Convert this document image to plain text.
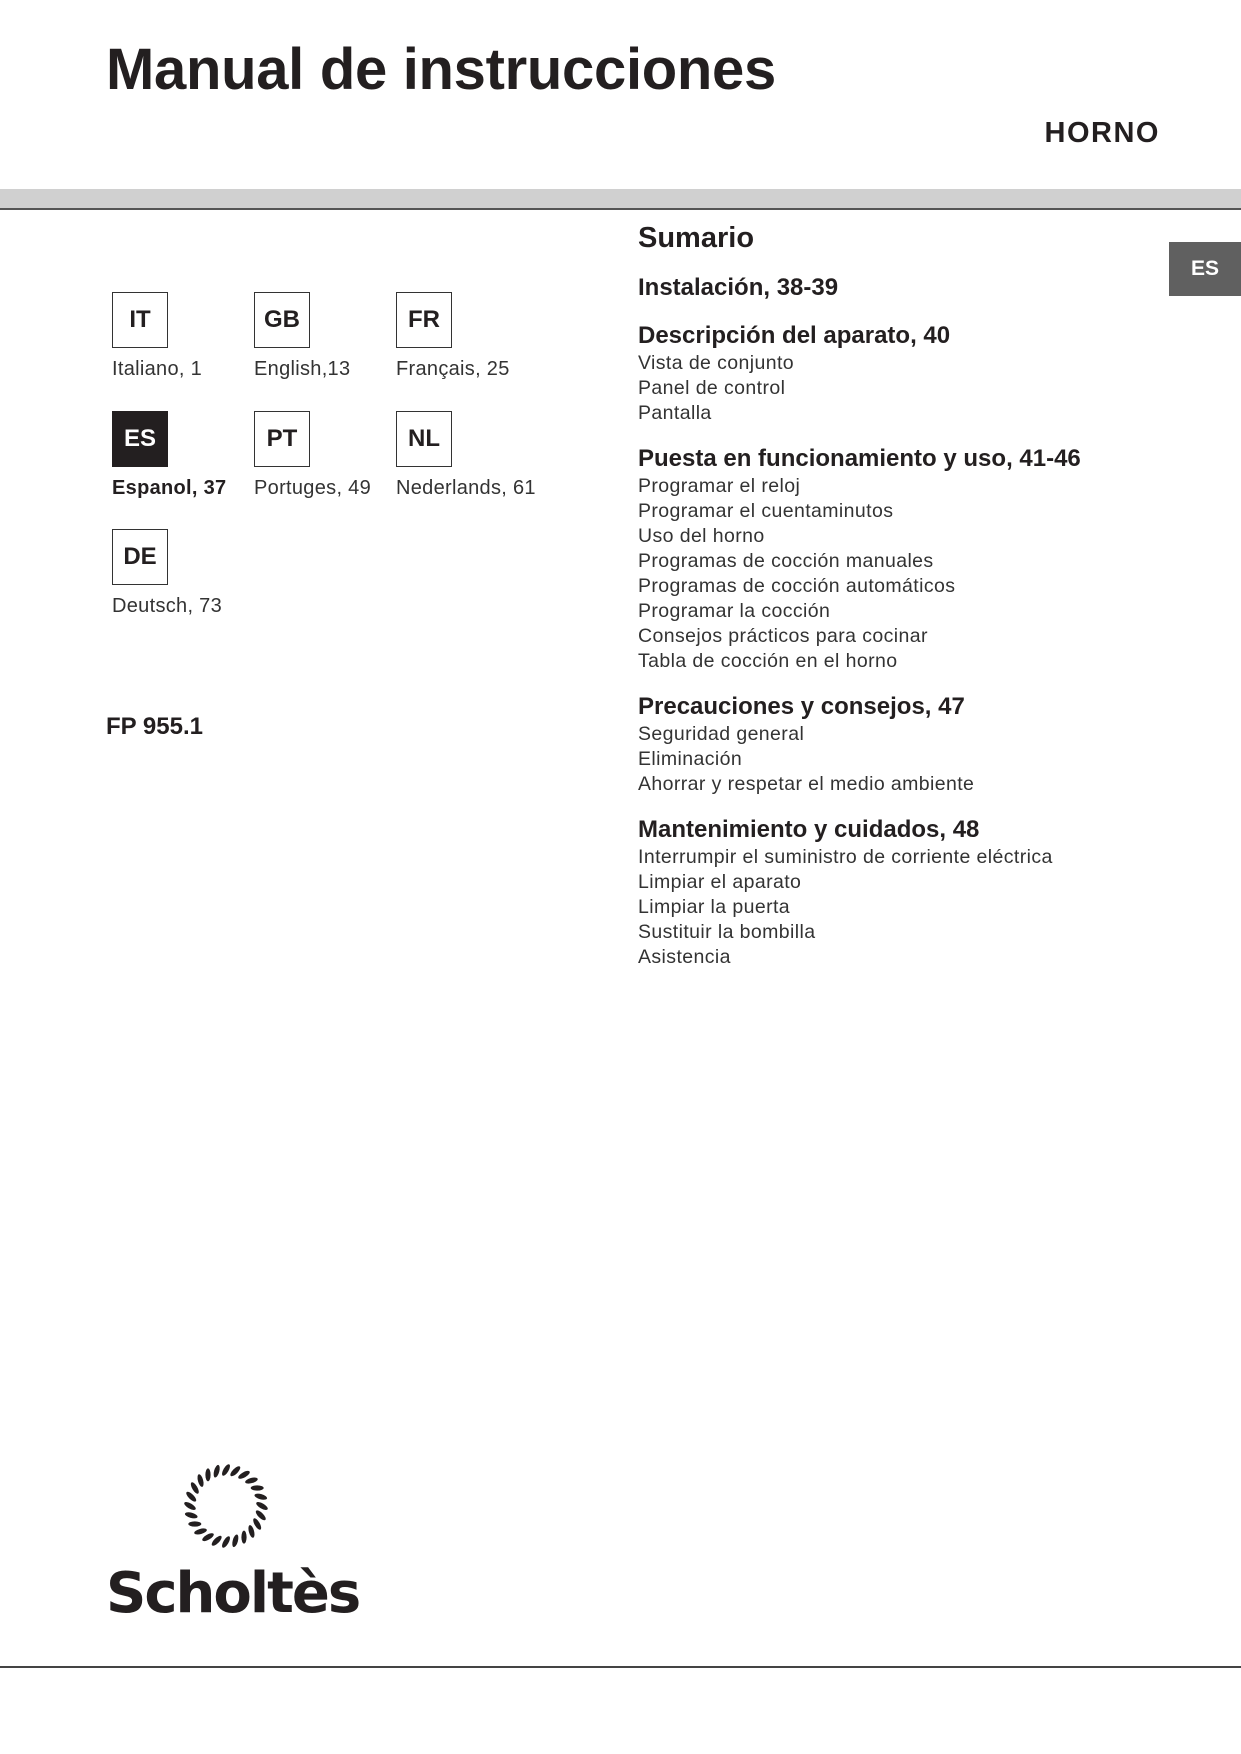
Manual de instrucciones
HORNO
ES
IT
Italiano, 1
GB
English,13
FR
Français, 25
ES
Espanol, 37
PT
Portuges, 49
NL
Nederlands, 61
DE
Deutsch, 73

FP 955.1

Sumario
Instalación, 38-39
Descripción del aparato, 40
Vista de conjunto
Panel de control
Pantalla
Puesta en funcionamiento y uso, 41-46
Programar el reloj
Programar el cuentaminutos
Uso del horno
Programas de cocción manuales
Programas de cocción automáticos
Programar la cocción
Consejos prácticos para cocinar
Tabla de cocción en el horno
Precauciones y consejos, 47
Seguridad general
Eliminación
Ahorrar y respetar el medio ambiente
Mantenimiento y cuidados, 48
Interrumpir el suministro de corriente eléctrica
Limpiar el aparato
Limpiar la puerta
Sustituir la bombilla
Asistencia
Scholtès
